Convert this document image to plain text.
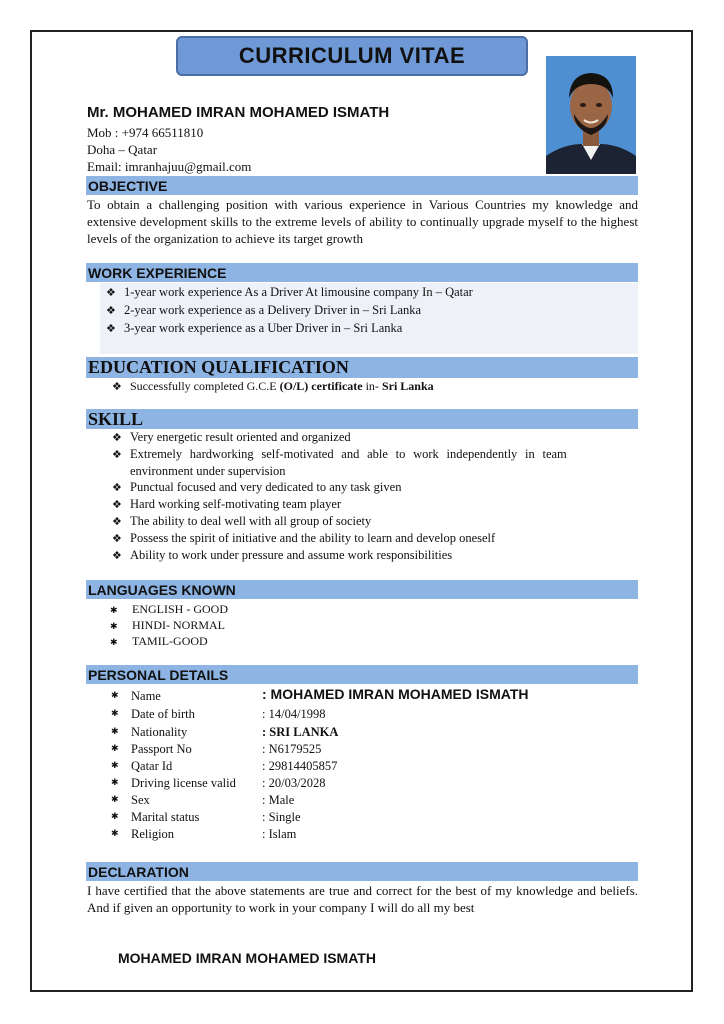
CURRICULUM VITAE
Mr. MOHAMED IMRAN MOHAMED ISMATH
Mob : +974 66511810
Doha – Qatar
Email: imranhajuu@gmail.com
OBJECTIVE
To obtain a challenging position with various experience in Various Countries my knowledge and extensive development skills to the extreme levels of ability to continually upgrade myself to the highest levels of the organization to achieve its target growth
WORK EXPERIENCE
❖ 1-year work experience As a Driver At limousine company In – Qatar
❖ 2-year work experience as a Delivery Driver in – Sri Lanka
❖ 3-year work experience as a Uber Driver in – Sri Lanka
EDUCATION QUALIFICATION
❖ Successfully completed G.C.E (O/L) certificate in- Sri Lanka
SKILL
❖ Very energetic result oriented and organized
❖ Extremely hardworking self-motivated and able to work independently in team
environment under supervision
❖ Punctual focused and very dedicated to any task given
❖ Hard working self-motivating team player
❖ The ability to deal well with all group of society
❖ Possess the spirit of initiative and the ability to learn and develop oneself
❖ Ability to work under pressure and assume work responsibilities
LANGUAGES KNOWN
✱ ENGLISH - GOOD
✱ HINDI- NORMAL
✱ TAMIL-GOOD
PERSONAL DETAILS
✱ Name	: MOHAMED IMRAN MOHAMED ISMATH
✱ Date of birth	: 14/04/1998
✱ Nationality	: SRI LANKA
✱ Passport No	: N6179525
✱ Qatar Id	: 29814405857
✱ Driving license valid : 20/03/2028
✱ Sex	: Male
✱ Marital status	: Single
✱ Religion	: Islam
DECLARATION
I have certified that the above statements are true and correct for the best of my knowledge and beliefs. And if given an opportunity to work in your company I will do all my best
MOHAMED IMRAN MOHAMED ISMATH
